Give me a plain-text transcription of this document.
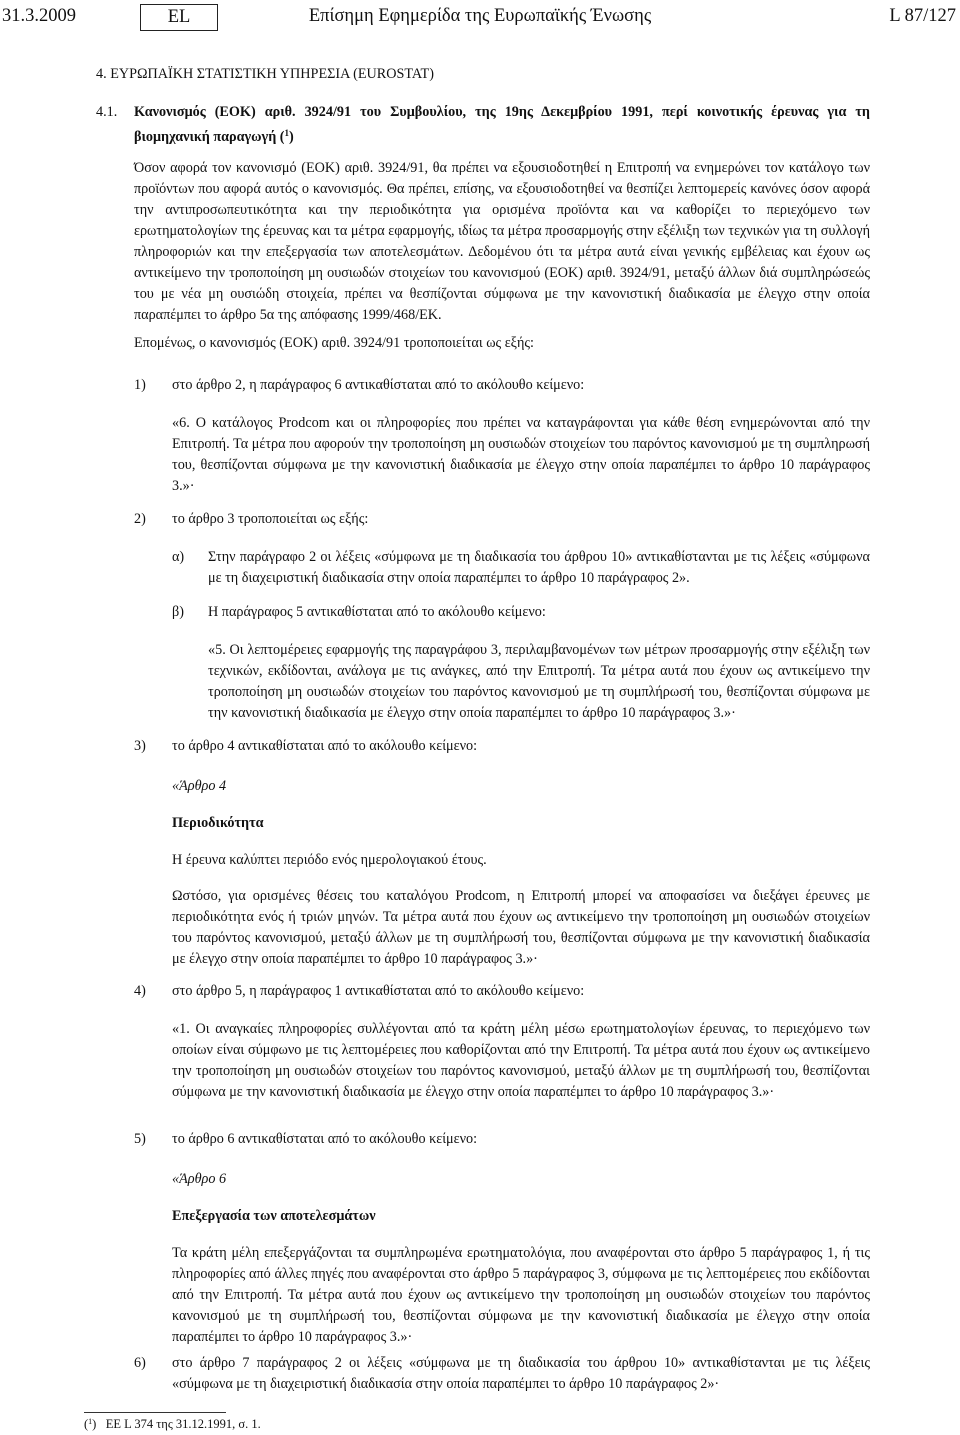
31.3.2009	EL	Επίσημη Εφημερίδα της Ευρωπαϊκής Ένωσης	L 87/127
4. ΕΥΡΩΠΑΪΚΗ ΣΤΑΤΙΣΤΙΚΗ ΥΠΗΡΕΣΙΑ (EUROSTAT)
4.1. Κανονισμός (ΕΟΚ) αριθ. 3924/91 του Συμβουλίου, της 19ης Δεκεμβρίου 1991, περί κοινοτικής έρευνας για τη βιομηχανική παραγωγή ($^1$)
Όσον αφορά τον κανονισμό (ΕΟΚ) αριθ. 3924/91, θα πρέπει να εξουσιοδοτηθεί η Επιτροπή να ενημερώνει τον κατάλογο των προϊόντων που αφορά αυτός ο κανονισμός. Θα πρέπει, επίσης, να εξουσιοδοτηθεί να θεσπίζει λεπτομερείς κανόνες όσον αφορά την αντιπροσωπευτικότητα και την περιοδικότητα για ορισμένα προϊόντα και να καθορίζει το περιεχόμενο των ερωτηματολογίων της έρευνας και τα μέτρα εφαρμογής, ιδίως τα μέτρα προσαρμογής στην εξέλιξη των τεχνικών για τη συλλογή πληροφοριών και την επεξεργασία των αποτελεσμάτων. Δεδομένου ότι τα μέτρα αυτά είναι γενικής εμβέλειας και έχουν ως αντικείμενο την τροποποίηση μη ουσιωδών στοιχείων του κανονισμού (ΕΟΚ) αριθ. 3924/91, μεταξύ άλλων διά συμπληρώσεώς του με νέα μη ουσιώδη στοιχεία, πρέπει να θεσπίζονται σύμφωνα με την κανονιστική διαδικασία με έλεγχο στην οποία παραπέμπει το άρθρο 5α της απόφασης 1999/468/ΕΚ.
Επομένως, ο κανονισμός (ΕΟΚ) αριθ. 3924/91 τροποποιείται ως εξής:
1) στο άρθρο 2, η παράγραφος 6 αντικαθίσταται από το ακόλουθο κείμενο:
«6. Ο κατάλογος Prodcom και οι πληροφορίες που πρέπει να καταγράφονται για κάθε θέση ενημερώνονται από την Επιτροπή. Τα μέτρα που αφορούν την τροποποίηση μη ουσιωδών στοιχείων του παρόντος κανονισμού με τη συμπληρωσή του, θεσπίζονται σύμφωνα με την κανονιστική διαδικασία με έλεγχο στην οποία παραπέμπει το άρθρο 10 παράγραφος 3.»·
2) το άρθρο 3 τροποποιείται ως εξής:
α) Στην παράγραφο 2 οι λέξεις «σύμφωνα με τη διαδικασία του άρθρου 10» αντικαθίστανται με τις λέξεις «σύμφωνα με τη διαχειριστική διαδικασία στην οποία παραπέμπει το άρθρο 10 παράγραφος 2».
β) Η παράγραφος 5 αντικαθίσταται από το ακόλουθο κείμενο:
«5. Οι λεπτομέρειες εφαρμογής της παραγράφου 3, περιλαμβανομένων των μέτρων προσαρμογής στην εξέλιξη των τεχνικών, εκδίδονται, ανάλογα με τις ανάγκες, από την Επιτροπή. Τα μέτρα αυτά που έχουν ως αντικείμενο την τροποποίηση μη ουσιωδών στοιχείων του παρόντος κανονισμού με τη συμπλήρωσή του, θεσπίζονται σύμφωνα με την κανονιστική διαδικασία με έλεγχο στην οποία παραπέμπει το άρθρο 10 παράγραφος 3.»·
3) το άρθρο 4 αντικαθίσταται από το ακόλουθο κείμενο:
«Άρθρο 4
Περιοδικότητα
Η έρευνα καλύπτει περιόδο ενός ημερολογιακού έτους.
Ωστόσο, για ορισμένες θέσεις του καταλόγου Prodcom, η Επιτροπή μπορεί να αποφασίσει να διεξάγει έρευνες με περιοδικότητα ενός ή τριών μηνών. Τα μέτρα αυτά που έχουν ως αντικείμενο την τροποποίηση μη ουσιωδών στοιχείων του παρόντος κανονισμού, μεταξύ άλλων με τη συμπλήρωσή του, θεσπίζονται σύμφωνα με την κανονιστική διαδικασία με έλεγχο στην οποία παραπέμπει το άρθρο 10 παράγραφος 3.»·
4) στο άρθρο 5, η παράγραφος 1 αντικαθίσταται από το ακόλουθο κείμενο:
«1. Οι αναγκαίες πληροφορίες συλλέγονται από τα κράτη μέλη μέσω ερωτηματολογίων έρευνας, το περιεχόμενο των οποίων είναι σύμφωνο με τις λεπτομέρειες που καθορίζονται από την Επιτροπή. Τα μέτρα αυτά που έχουν ως αντικείμενο την τροποποίηση μη ουσιωδών στοιχείων του παρόντος κανονισμού, μεταξύ άλλων με τη συμπλήρωσή του, θεσπίζονται σύμφωνα με την κανονιστική διαδικασία με έλεγχο στην οποία παραπέμπει το άρθρο 10 παράγραφος 3.»·
5) το άρθρο 6 αντικαθίσταται από το ακόλουθο κείμενο:
«Άρθρο 6
Επεξεργασία των αποτελεσμάτων
Τα κράτη μέλη επεξεργάζονται τα συμπληρωμένα ερωτηματολόγια, που αναφέρονται στο άρθρο 5 παράγραφος 1, ή τις πληροφορίες από άλλες πηγές που αναφέρονται στο άρθρο 5 παράγραφος 3, σύμφωνα με τις λεπτομέρειες που εκδίδονται από την Επιτροπή. Τα μέτρα αυτά που έχουν ως αντικείμενο την τροποποίηση μη ουσιωδών στοιχείων του παρόντος κανονισμού με τη συμπλήρωσή του, θεσπίζονται σύμφωνα με την κανονιστική διαδικασία με έλεγχο στην οποία παραπέμπει το άρθρο 10 παράγραφος 3.»·
6) στο άρθρο 7 παράγραφος 2 οι λέξεις «σύμφωνα με τη διαδικασία του άρθρου 10» αντικαθίστανται με τις λέξεις «σύμφωνα με τη διαχειριστική διαδικασία στην οποία παραπέμπει το άρθρο 10 παράγραφος 2»·
($^1$) EE L 374 της 31.12.1991, σ. 1.
